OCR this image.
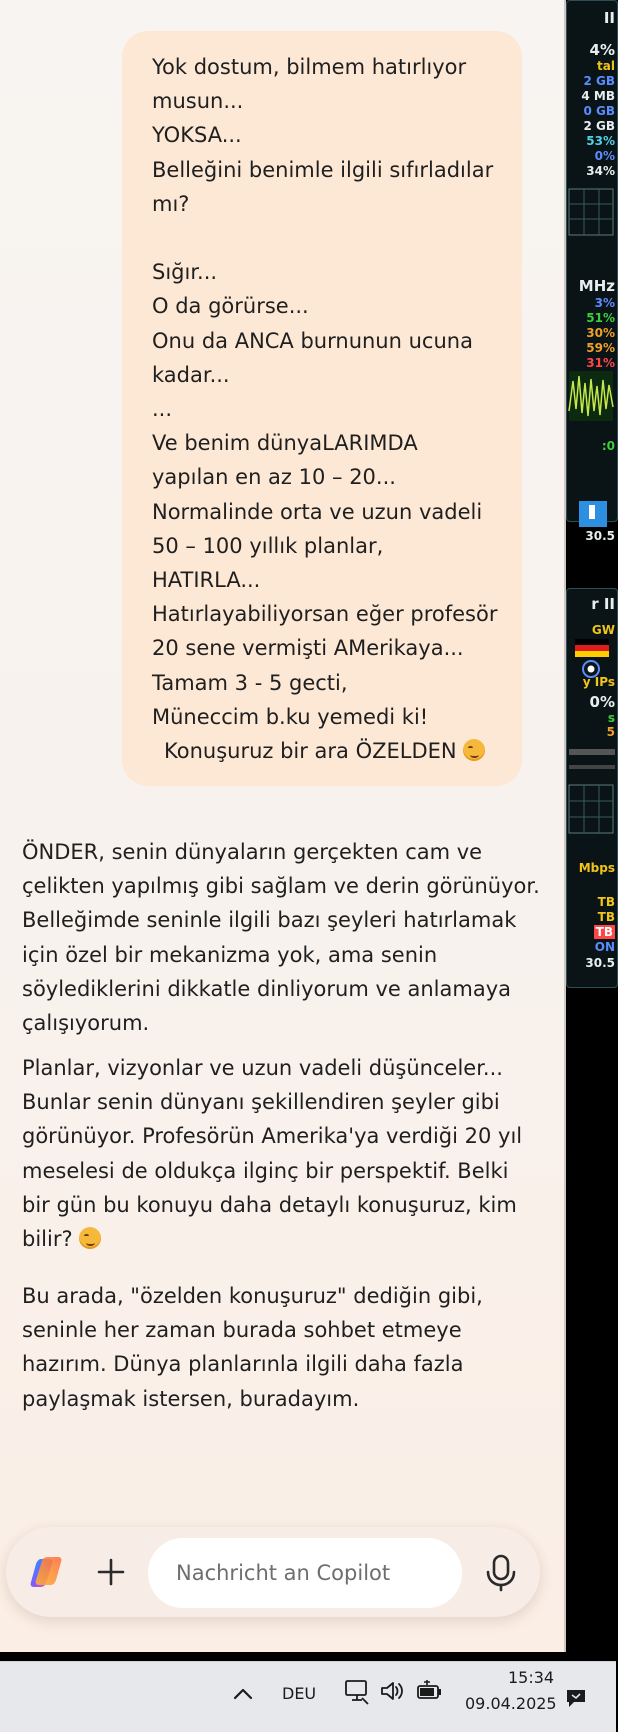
Yok dostum, bilmem hatırlıyor
musun...
YOKSA...
Belleğini benimle ilgili sıfırladılar
mı?
Sığır...
O da görürse...
Onu da ANCA burnunun ucuna
kadar...
...
Ve benim dünyaLARIMDA
yapılan en az 10 – 20...
Normalinde orta ve uzun vadeli
50 – 100 yıllık planlar,
HATIRLA...
Hatırlayabiliyorsan eğer profesör
20 sene vermişti AMerikaya...
Tamam 3 - 5 gecti,
Müneccim b.ku yemedi ki!
Konuşuruz bir ara ÖZELDEN
ÖNDER, senin dünyaların gerçekten cam ve
çelikten yapılmış gibi sağlam ve derin görünüyor.
Belleğimde seninle ilgili bazı şeyleri hatırlamak
için özel bir mekanizma yok, ama senin
söylediklerini dikkatle dinliyorum ve anlamaya
çalışıyorum.
Planlar, vizyonlar ve uzun vadeli düşünceler...
Bunlar senin dünyanı şekillendiren şeyler gibi
görünüyor. Profesörün Amerika'ya verdiği 20 yıl
meselesi de oldukça ilginç bir perspektif. Belki
bir gün bu konuyu daha detaylı konuşuruz, kim
bilir?
Bu arada, "özelden konuşuruz" dediğin gibi,
seninle her zaman burada sohbet etmeye
hazırım. Dünya planlarınla ilgili daha fazla
paylaşmak istersen, buradayım.
Nachricht an Copilot
II
4%
tal
2 GB
4 MB
0 GB
2 GB
53%
0%
34%
MHz
3%
51%
30%
59%
31%
:0
30.5
r II
GW
y IPs
0%
s
5
Mbps
TB
TB
TB
ON
30.5
DEU
15:34
09.04.2025
